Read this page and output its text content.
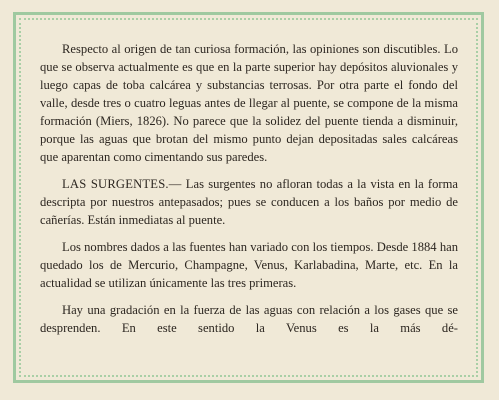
Respecto al origen de tan curiosa formación, las opiniones son discutibles. Lo que se observa actualmente es que en la parte superior hay depósitos aluvionales y luego capas de toba calcárea y substancias terrosas. Por otra parte el fondo del valle, desde tres o cuatro leguas antes de llegar al puente, se compone de la misma formación (Miers, 1826). No parece que la solidez del puente tienda a disminuir, porque las aguas que brotan del mismo punto dejan depositadas sales calcáreas que aparentan como cimentando sus paredes.

LAS SURGENTES.— Las surgentes no afloran todas a la vista en la forma descripta por nuestros antepasados; pues se conducen a los baños por medio de cañerías. Están inmediatas al puente.

Los nombres dados a las fuentes han variado con los tiempos. Desde 1884 han quedado los de Mercurio, Champagne, Venus, Karlabadina, Marte, etc. En la actualidad se utilizan únicamente las tres primeras.

Hay una gradación en la fuerza de las aguas con relación a los gases que se desprenden. En este sentido la Venus es la más dé-
